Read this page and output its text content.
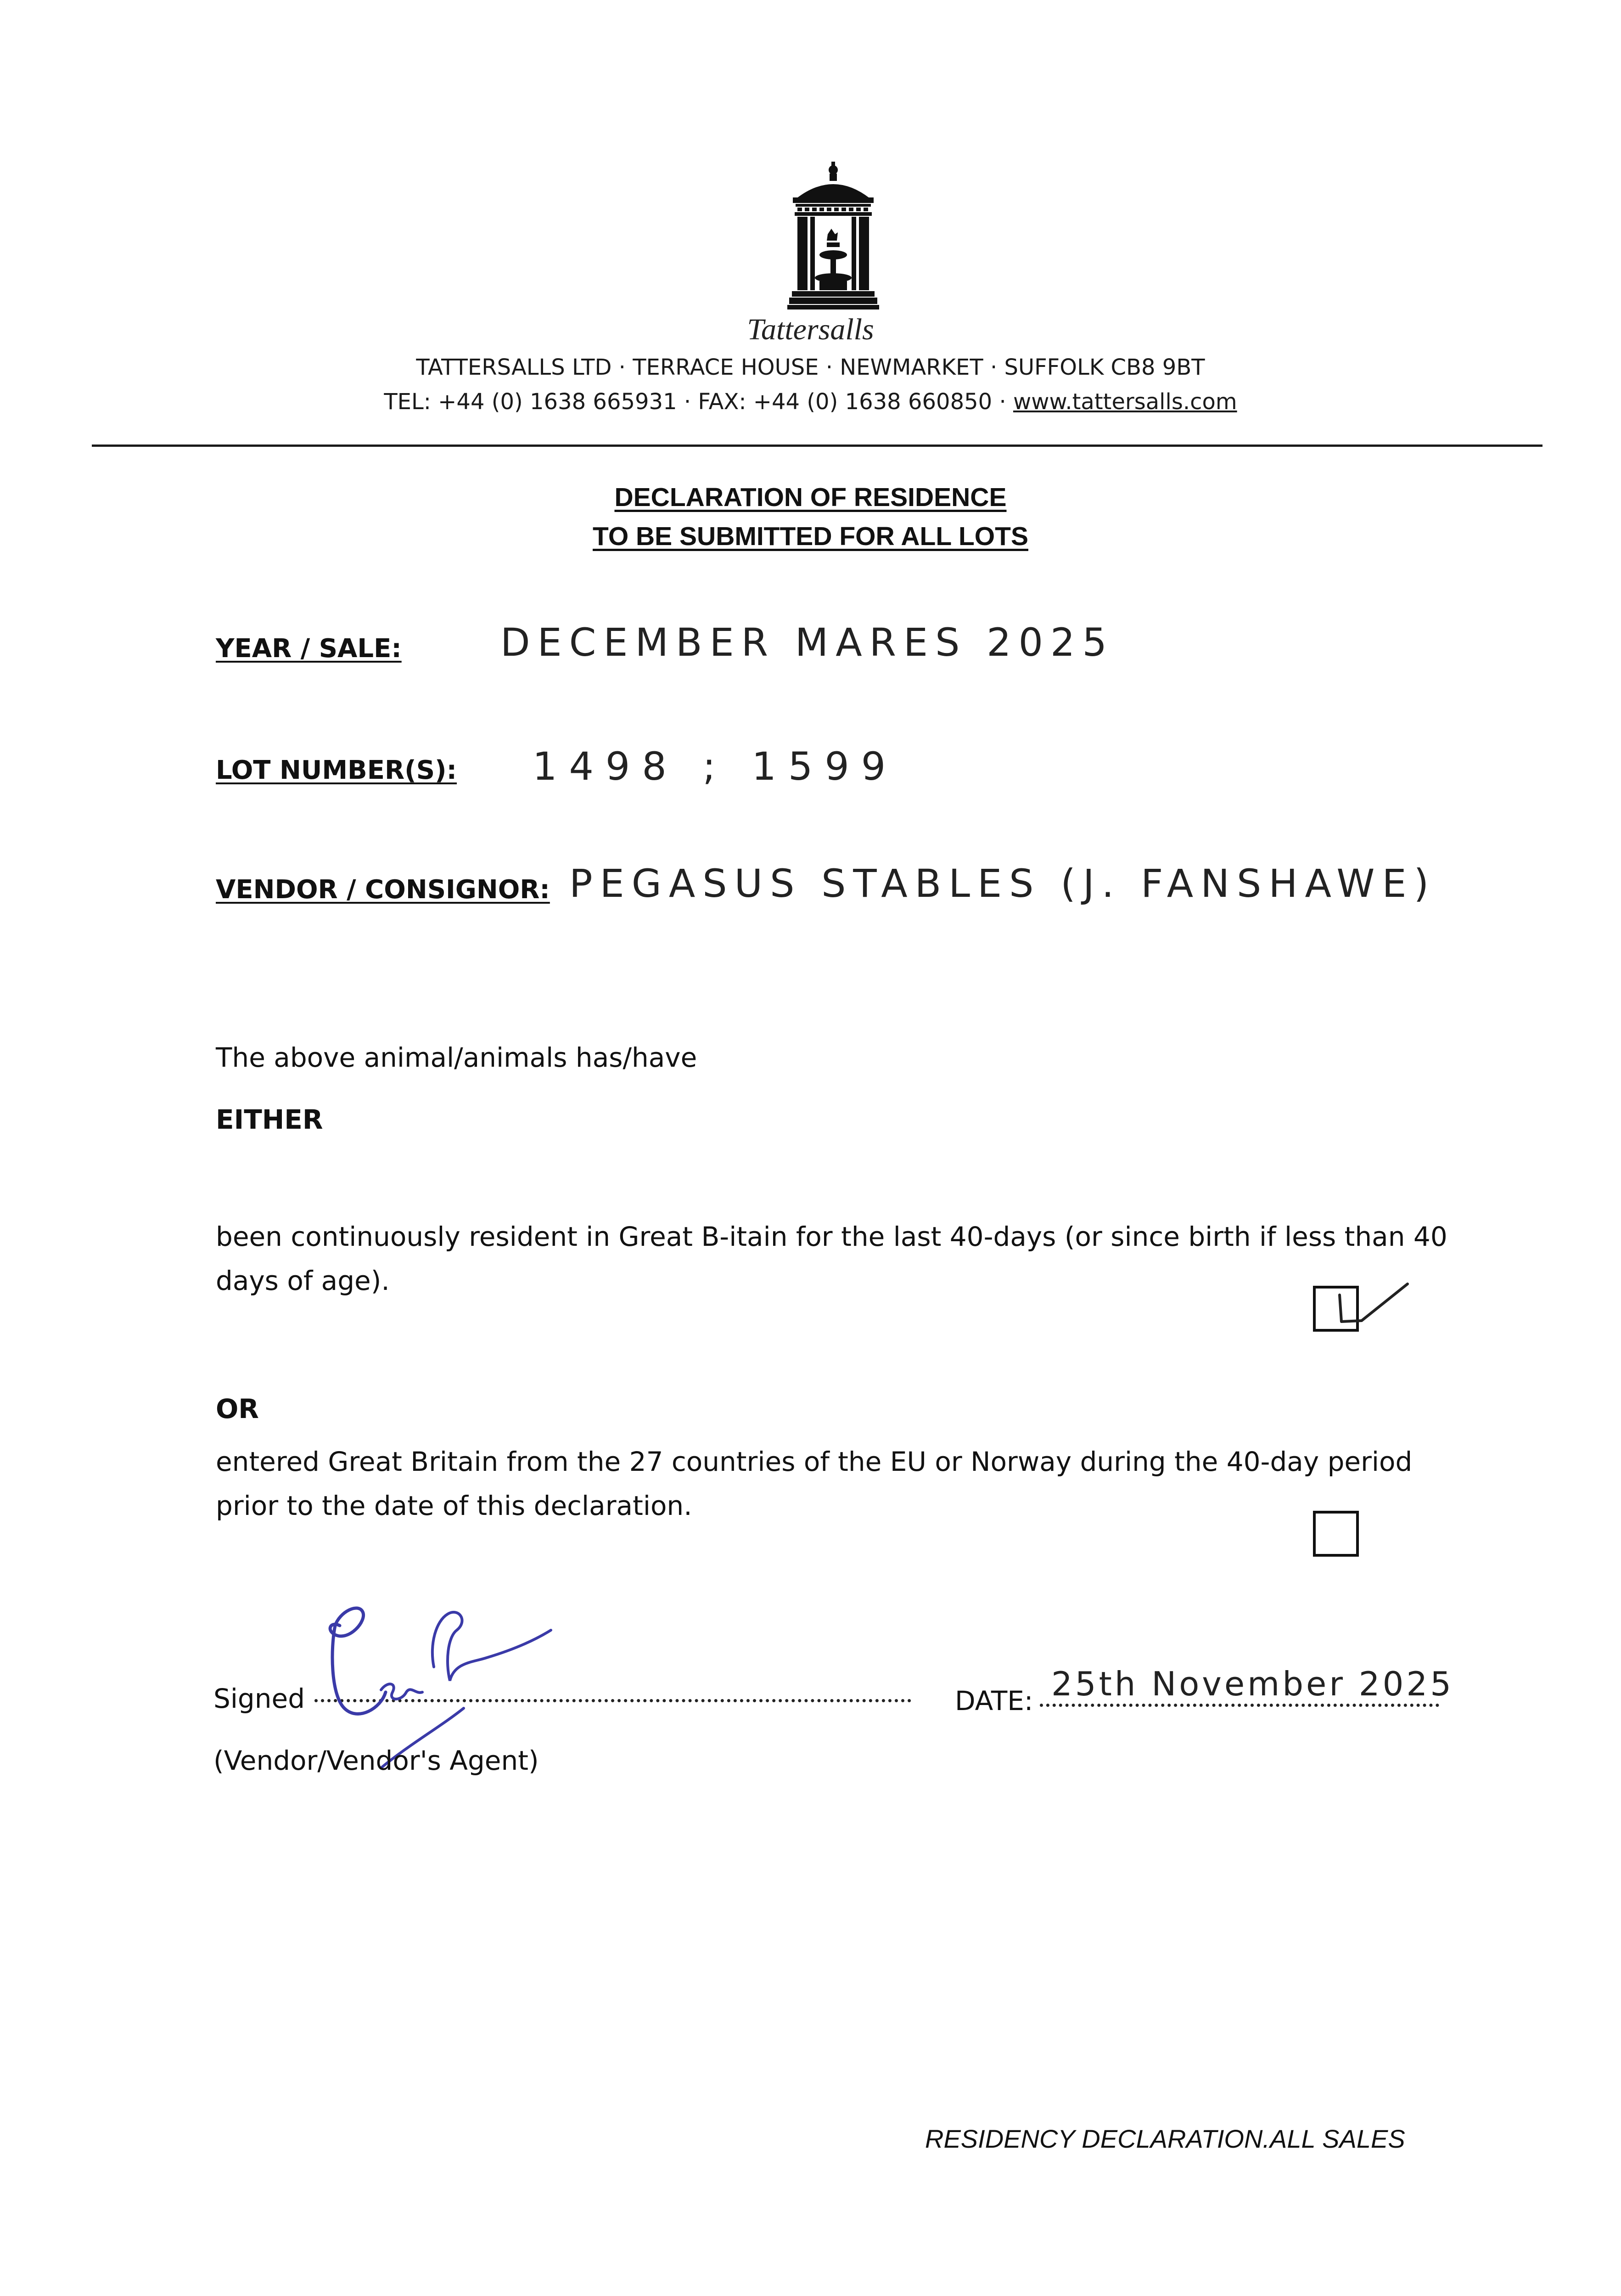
Tattersalls
TATTERSALLS LTD · TERRACE HOUSE · NEWMARKET · SUFFOLK CB8 9BT
TEL: +44 (0) 1638 665931 · FAX: +44 (0) 1638 660850 · www.tattersalls.com
DECLARATION OF RESIDENCE
TO BE SUBMITTED FOR ALL LOTS
YEAR / SALE:	DECEMBER MARES 2025
LOT NUMBER(S): 1498 ; 1599
VENDOR / CONSIGNOR: PEGASUS STABLES (J. FANSHAWE)
The above animal/animals has/have
EITHER
been continuously resident in Great B-itain for the last 40-days (or since birth if less than 40 days of age).
OR
entered Great Britain from the 27 countries of the EU or Norway during the 40-day period prior to the date of this declaration.
Signed
(Vendor/Vendor's Agent)
DATE: 25th November 2025
RESIDENCY DECLARATION.ALL SALES
